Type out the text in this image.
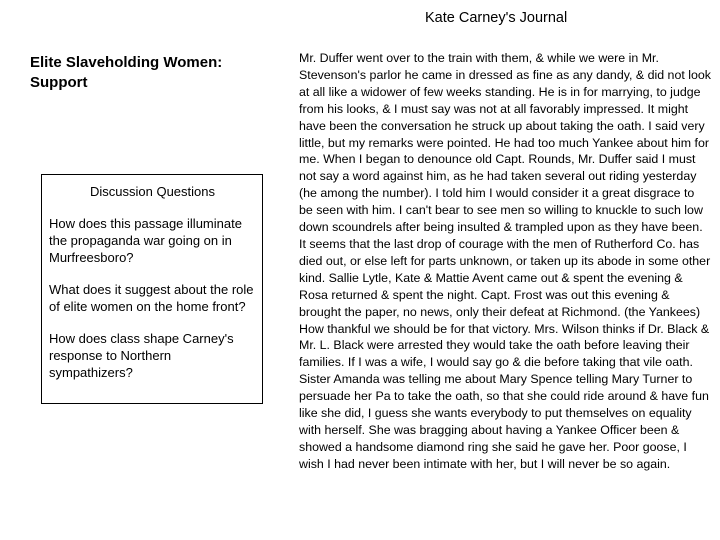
Kate Carney's Journal
Elite Slaveholding Women: Support
Discussion Questions
How does this passage illuminate the propaganda war going on in Murfreesboro?
What does it suggest about the role of elite women on the home front?
How does class shape Carney's response to Northern sympathizers?

Mr. Duffer went over to the train with them, & while we were in Mr. Stevenson's parlor he came in dressed as fine as any dandy, & did not look at all like a widower of few weeks standing. He is in for marrying, to judge from his looks, & I must say was not at all favorably impressed. It might have been the conversation he struck up about taking the oath. I said very little, but my remarks were pointed. He had too much Yankee about him for me. When I began to denounce old Capt. Rounds, Mr. Duffer said I must not say a word against him, as he had taken several out riding yesterday (he among the number). I told him I would consider it a great disgrace to be seen with him. I can't bear to see men so willing to knuckle to such low down scoundrels after being insulted & trampled upon as they have been. It seems that the last drop of courage with the men of Rutherford Co. has died out, or else left for parts unknown, or taken up its abode in some other kind. Sallie Lytle, Kate & Mattie Avent came out & spent the evening & Rosa returned & spent the night. Capt. Frost was out this evening & brought the paper, no news, only their defeat at Richmond. (the Yankees) How thankful we should be for that victory. Mrs. Wilson thinks if Dr. Black & Mr. L. Black were arrested they would take the oath before leaving their families. If I was a wife, I would say go & die before taking that vile oath. Sister Amanda was telling me about Mary Spence telling Mary Turner to persuade her Pa to take the oath, so that she could ride around & have fun like she did, I guess she wants everybody to put themselves on equality with herself. She was bragging about having a Yankee Officer been & showed a handsome diamond ring she said he gave her. Poor goose, I wish I had never been intimate with her, but I will never be so again.
